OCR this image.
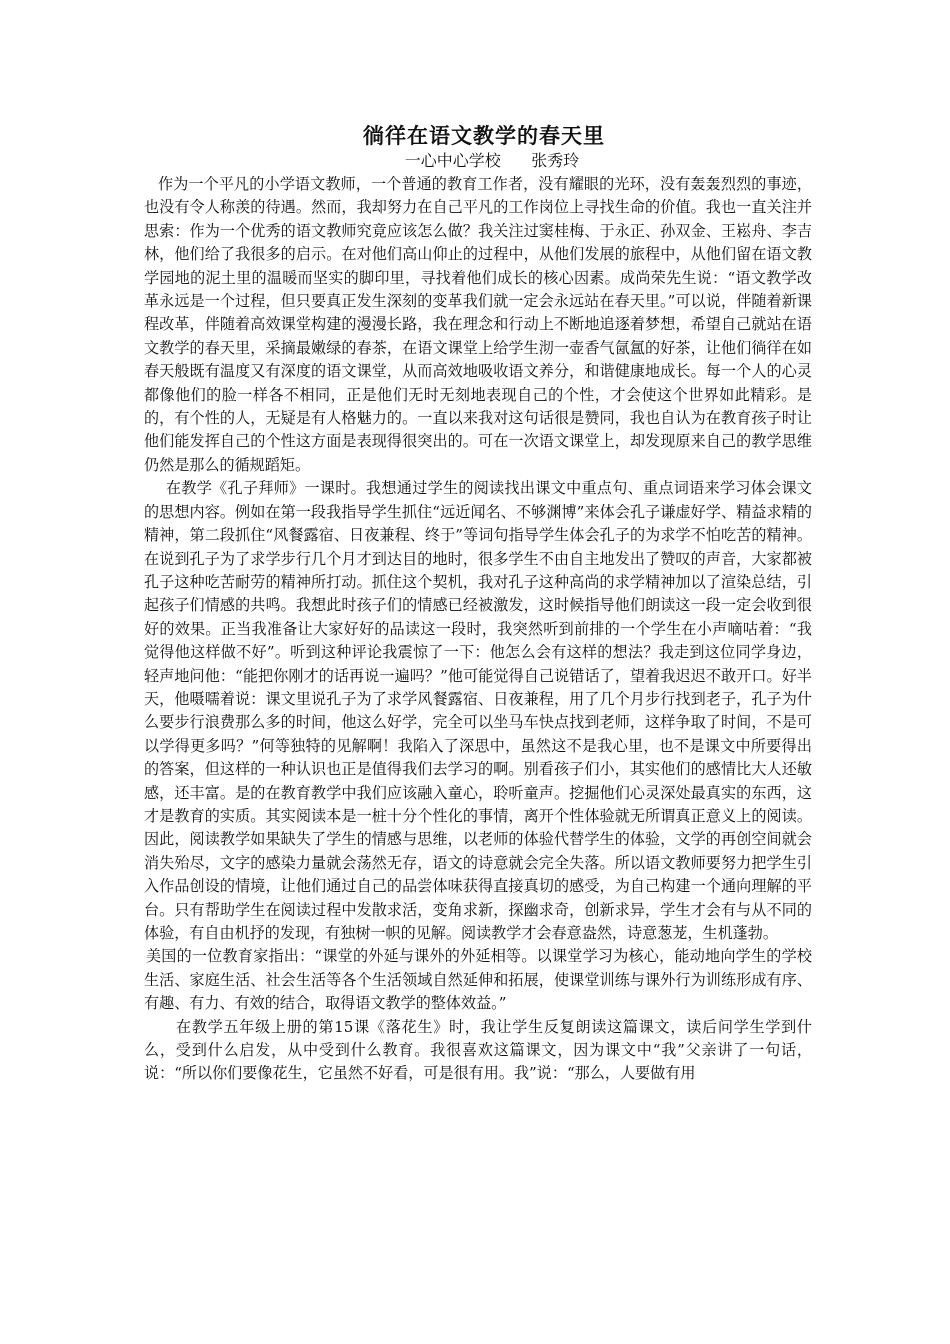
徜徉在语文教学的春天里
一心中心学校      张秀玲

作为一个平凡的小学语文教师，一个普通的教育工作者，没有耀眼的光环，没有轰轰烈烈的事迹，也没有令人称羡的待遇。然而，我却努力在自己平凡的工作岗位上寻找生命的价值。我也一直关注并思索：作为一个优秀的语文教师究竟应该怎么做？我关注过窦桂梅、于永正、孙双金、王崧舟、李吉林，他们给了我很多的启示。在对他们高山仰止的过程中，从他们发展的旅程中，从他们留在语文教学园地的泥土里的温暖而坚实的脚印里，寻找着他们成长的核心因素。成尚荣先生说：“语文教学改革永远是一个过程，但只要真正发生深刻的变革我们就一定会永远站在春天里。”可以说，伴随着新课程改革，伴随着高效课堂构建的漫漫长路，我在理念和行动上不断地追逐着梦想，希望自己就站在语文教学的春天里，采摘最嫩绿的春茶，在语文课堂上给学生沏一壶香气氤氲的好茶，让他们徜徉在如春天般既有温度又有深度的语文课堂，从而高效地吸收语文养分，和谐健康地成长。每一个人的心灵都像他们的脸一样各不相同，正是他们无时无刻地表现自己的个性，才会使这个世界如此精彩。是的，有个性的人，无疑是有人格魅力的。一直以来我对这句话很是赞同，我也自认为在教育孩子时让他们能发挥自己的个性这方面是表现得很突出的。可在一次语文课堂上，却发现原来自己的教学思维仍然是那么的循规蹈矩。

在教学《孔子拜师》一课时。我想通过学生的阅读找出课文中重点句、重点词语来学习体会课文的思想内容。例如在第一段我指导学生抓住“远近闻名、不够渊博”来体会孔子谦虚好学、精益求精的精神，第二段抓住“风餐露宿、日夜兼程、终于”等词句指导学生体会孔子的为求学不怕吃苦的精神。在说到孔子为了求学步行几个月才到达目的地时，很多学生不由自主地发出了赞叹的声音，大家都被孔子这种吃苦耐劳的精神所打动。抓住这个契机，我对孔子这种高尚的求学精神加以了渲染总结，引起孩子们情感的共鸣。我想此时孩子们的情感已经被激发，这时候指导他们朗读这一段一定会收到很好的效果。正当我准备让大家好好的品读这一段时，我突然听到前排的一个学生在小声嘀咕着：“我觉得他这样做不好”。听到这种评论我震惊了一下：他怎么会有这样的想法？我走到这位同学身边，轻声地问他：“能把你刚才的话再说一遍吗？”他可能觉得自己说错话了，望着我迟迟不敢开口。好半天，他嗫嚅着说：课文里说孔子为了求学风餐露宿、日夜兼程，用了几个月步行找到老子，孔子为什么要步行浪费那么多的时间，他这么好学，完全可以坐马车快点找到老师，这样争取了时间，不是可以学得更多吗？”何等独特的见解啊！我陷入了深思中，虽然这不是我心里，也不是课文中所要得出的答案，但这样的一种认识也正是值得我们去学习的啊。别看孩子们小，其实他们的感情比大人还敏感，还丰富。是的在教育教学中我们应该融入童心，聆听童声。挖掘他们心灵深处最真实的东西，这才是教育的实质。其实阅读本是一桩十分个性化的事情，离开个性体验就无所谓真正意义上的阅读。因此，阅读教学如果缺失了学生的情感与思维，以老师的体验代替学生的体验，文学的再创空间就会消失殆尽，文字的感染力量就会荡然无存，语文的诗意就会完全失落。所以语文教师要努力把学生引入作品创设的情境，让他们通过自己的品尝体味获得直接真切的感受，为自己构建一个通向理解的平台。只有帮助学生在阅读过程中发散求活，变角求新，探幽求奇，创新求异，学生才会有与从不同的体验，有自由机抒的发现，有独树一帜的见解。阅读教学才会春意盎然，诗意葱茏，生机蓬勃。

美国的一位教育家指出：“课堂的外延与课外的外延相等。以课堂学习为核心，能动地向学生的学校生活、家庭生活、社会生活等各个生活领域自然延伸和拓展，使课堂训练与课外行为训练形成有序、有趣、有力、有效的结合，取得语文教学的整体效益。”

在教学五年级上册的第15课《落花生》时，我让学生反复朗读这篇课文，读后问学生学到什么，受到什么启发，从中受到什么教育。我很喜欢这篇课文，因为课文中“我”父亲讲了一句话，说：“所以你们要像花生，它虽然不好看，可是很有用。我”说：“那么，人要做有用
